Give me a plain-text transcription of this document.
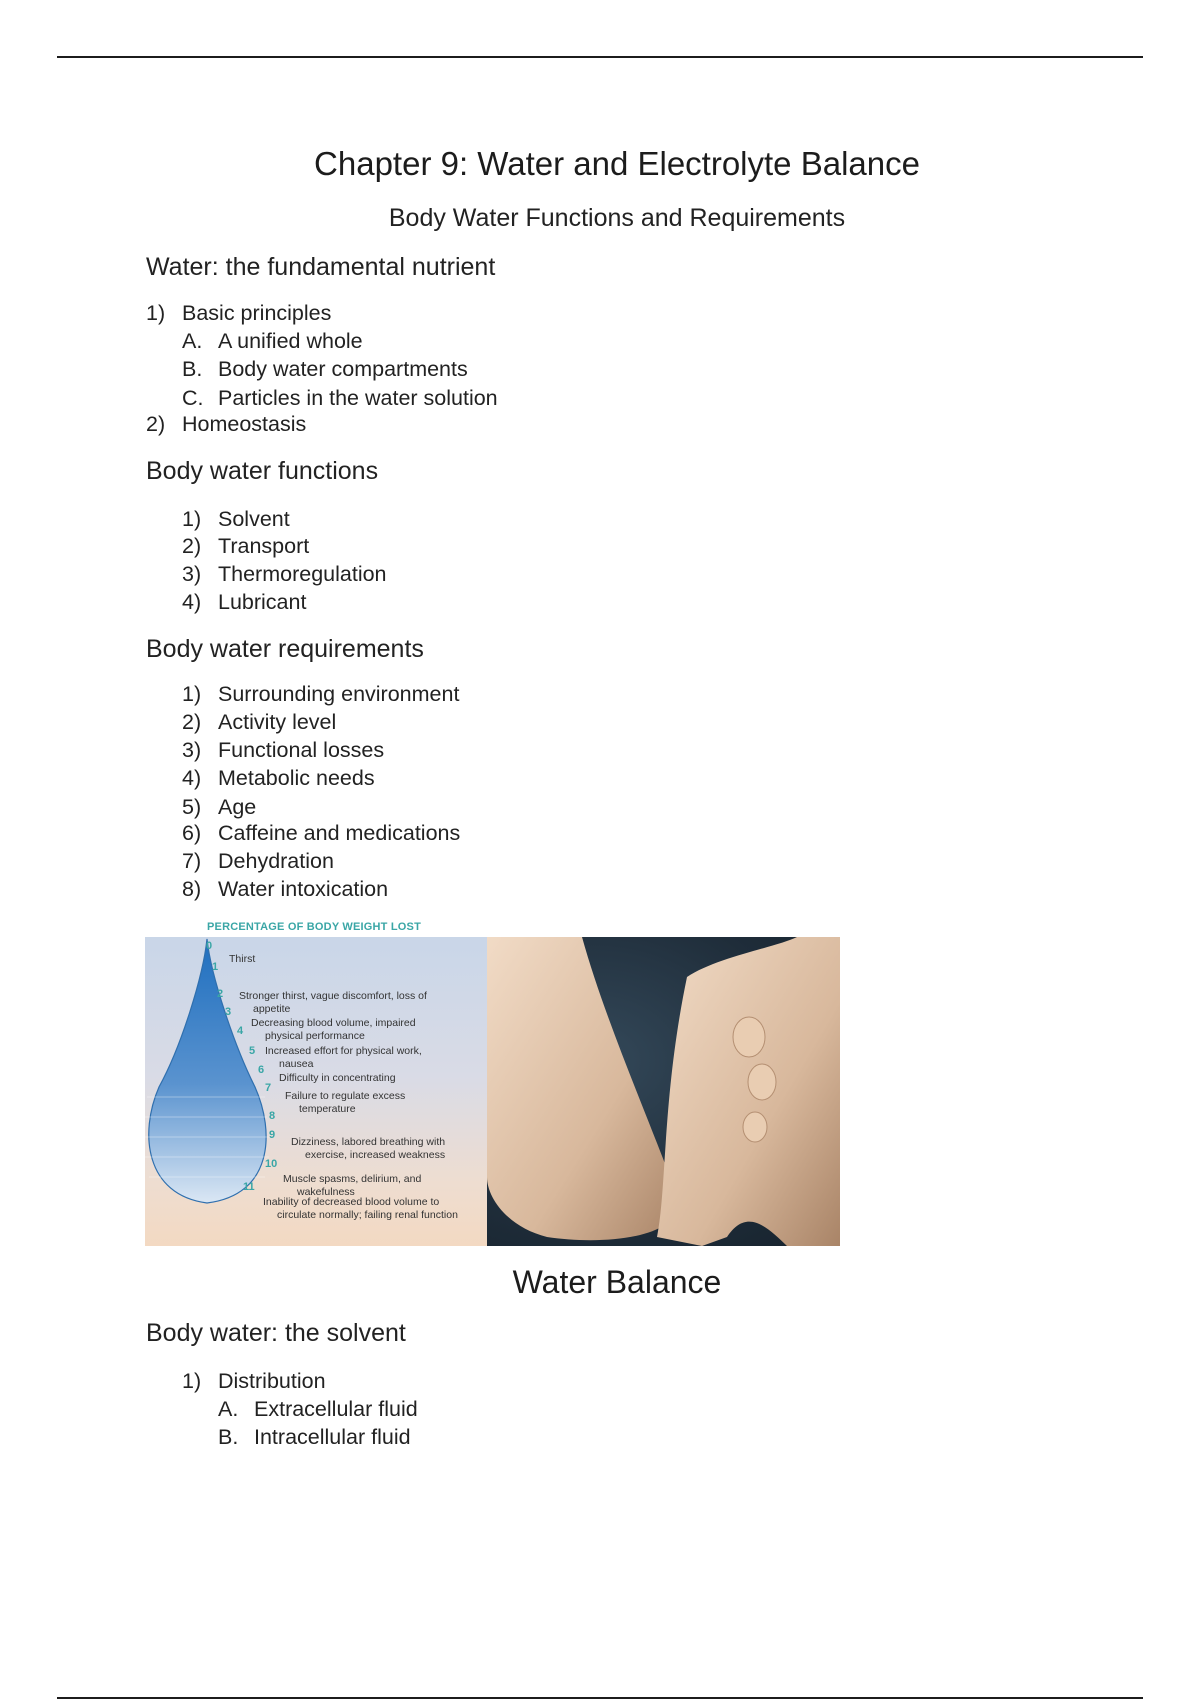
Chapter 9: Water and Electrolyte Balance
Body Water Functions and Requirements
Water: the fundamental nutrient
1) Basic principles
A. A unified whole
B. Body water compartments
C. Particles in the water solution
2) Homeostasis
Body water functions
1) Solvent
2) Transport
3) Thermoregulation
4) Lubricant
Body water requirements
1) Surrounding environment
2) Activity level
3) Functional losses
4) Metabolic needs
5) Age
6) Caffeine and medications
7) Dehydration
8) Water intoxication
0
1
2
3
4
5
6
7
8
9
10
11
Thirst
Stronger thirst, vague discomfort, loss of
appetite
Decreasing blood volume, impaired
physical performance
Increased effort for physical work,
nausea
Difficulty in concentrating
Failure to regulate excess
temperature
Dizziness, labored breathing with
exercise, increased weakness
Muscle spasms, delirium, and
wakefulness
Inability of decreased blood volume to
circulate normally; failing renal function
PERCENTAGE OF BODY WEIGHT LOST
Water Balance
Body water: the solvent
1) Distribution
A. Extracellular fluid
B. Intracellular fluid
